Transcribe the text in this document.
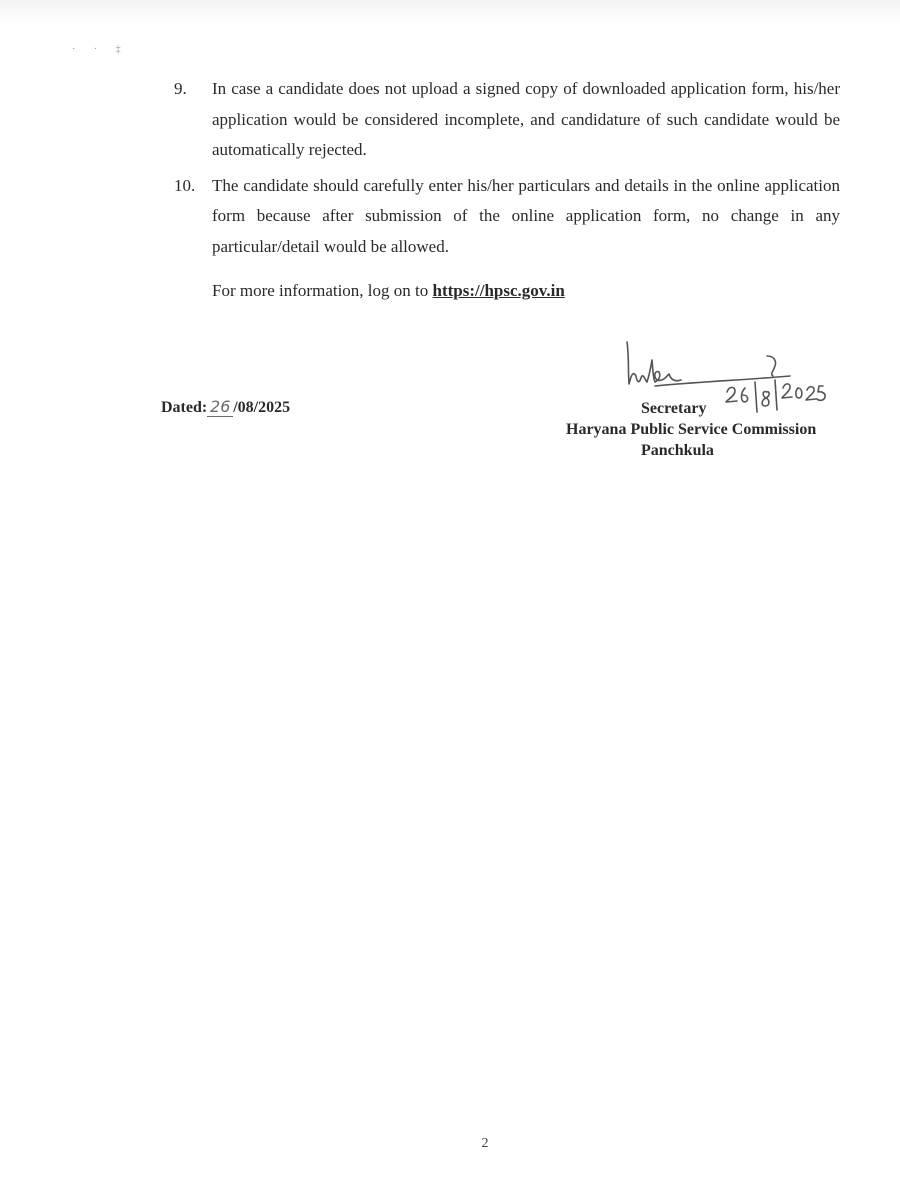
· · ‡
9.	In case a candidate does not upload a signed copy of downloaded application form, his/her application would be considered incomplete, and candidature of such candidate would be automatically rejected.
10. The candidate should carefully enter his/her particulars and details in the online application form because after submission of the online application form, no change in any particular/detail would be allowed.
For more information, log on to https://hpsc.gov.in
Dated: 26 /08/2025	Secretary
Haryana Public Service Commission
Panchkula
2
